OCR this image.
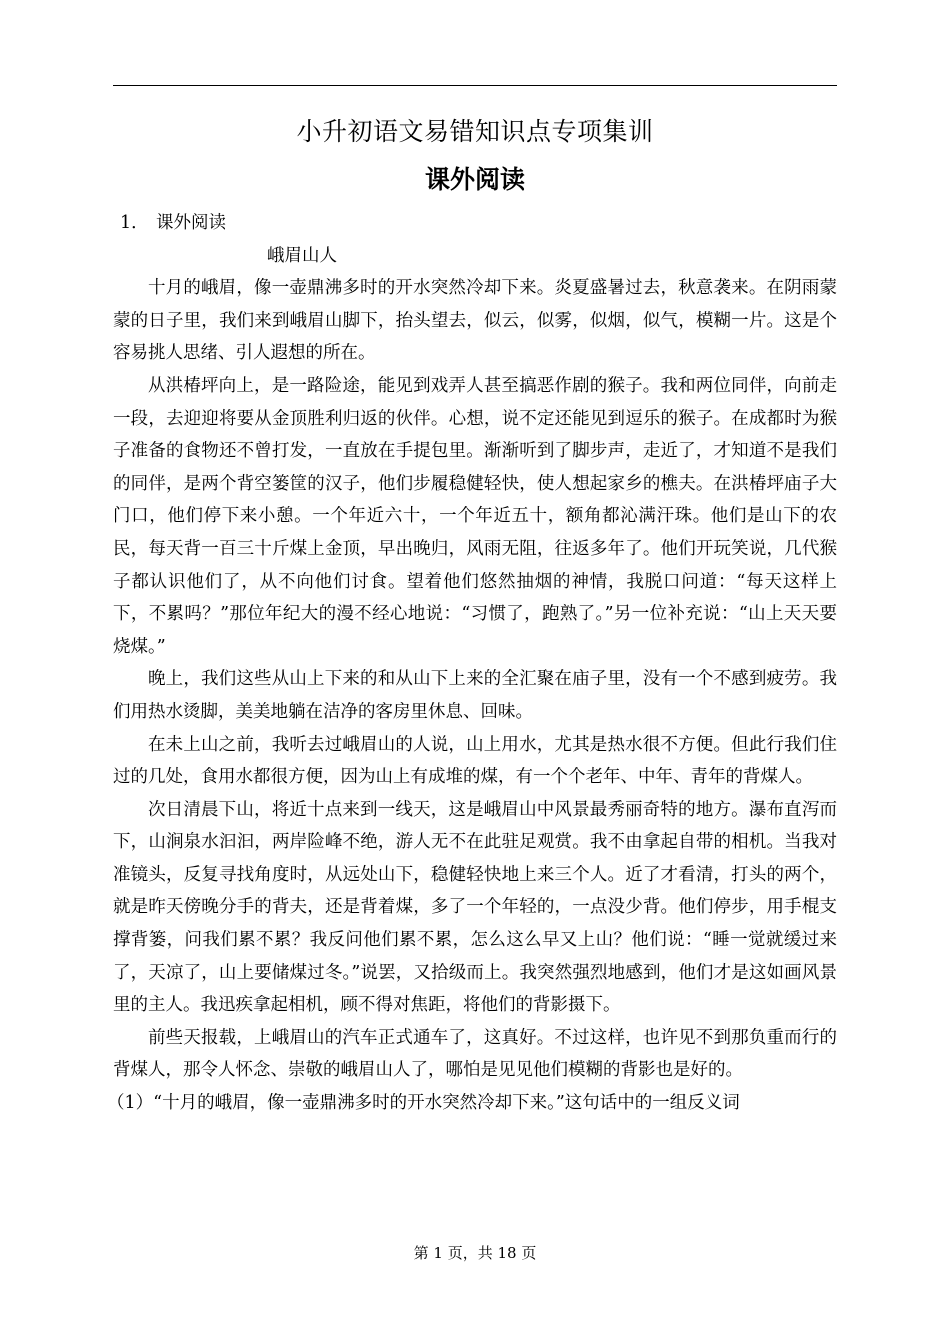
小升初语文易错知识点专项集训
课外阅读

1． 课外阅读

峨眉山人

十月的峨眉，像一壶鼎沸多时的开水突然冷却下来。炎夏盛暑过去，秋意袭来。在阴雨蒙蒙的日子里，我们来到峨眉山脚下，抬头望去，似云，似雾，似烟，似气，模糊一片。这是个容易挑人思绪、引人遐想的所在。

从洪椿坪向上，是一路险途，能见到戏弄人甚至搞恶作剧的猴子。我和两位同伴，向前走一段，去迎迎将要从金顶胜利归返的伙伴。心想，说不定还能见到逗乐的猴子。在成都时为猴子准备的食物还不曾打发，一直放在手提包里。渐渐听到了脚步声，走近了，才知道不是我们的同伴，是两个背空篓筐的汉子，他们步履稳健轻快，使人想起家乡的樵夫。在洪椿坪庙子大门口，他们停下来小憩。一个年近六十，一个年近五十，额角都沁满汗珠。他们是山下的农民，每天背一百三十斤煤上金顶，早出晚归，风雨无阻，往返多年了。他们开玩笑说，几代猴子都认识他们了，从不向他们讨食。望着他们悠然抽烟的神情，我脱口问道：“每天这样上下，不累吗？”那位年纪大的漫不经心地说：“习惯了，跑熟了。”另一位补充说：“山上天天要烧煤。”

晚上，我们这些从山上下来的和从山下上来的全汇聚在庙子里，没有一个不感到疲劳。我们用热水烫脚，美美地躺在洁净的客房里休息、回味。

在未上山之前，我听去过峨眉山的人说，山上用水，尤其是热水很不方便。但此行我们住过的几处，食用水都很方便，因为山上有成堆的煤，有一个个老年、中年、青年的背煤人。

次日清晨下山，将近十点来到一线天，这是峨眉山中风景最秀丽奇特的地方。瀑布直泻而下，山涧泉水汩汩，两岸险峰不绝，游人无不在此驻足观赏。我不由拿起自带的相机。当我对准镜头，反复寻找角度时，从远处山下，稳健轻快地上来三个人。近了才看清，打头的两个，就是昨天傍晚分手的背夫，还是背着煤，多了一个年轻的，一点没少背。他们停步，用手棍支撑背篓，问我们累不累？我反问他们累不累，怎么这么早又上山？他们说：“睡一觉就缓过来了，天凉了，山上要储煤过冬。”说罢，又拾级而上。我突然强烈地感到，他们才是这如画风景里的主人。我迅疾拿起相机，顾不得对焦距，将他们的背影摄下。

前些天报载，上峨眉山的汽车正式通车了，这真好。不过这样，也许见不到那负重而行的背煤人，那令人怀念、崇敬的峨眉山人了，哪怕是见见他们模糊的背影也是好的。

（1）“十月的峨眉，像一壶鼎沸多时的开水突然冷却下来。”这句话中的一组反义词

第 1 页，共 18 页
